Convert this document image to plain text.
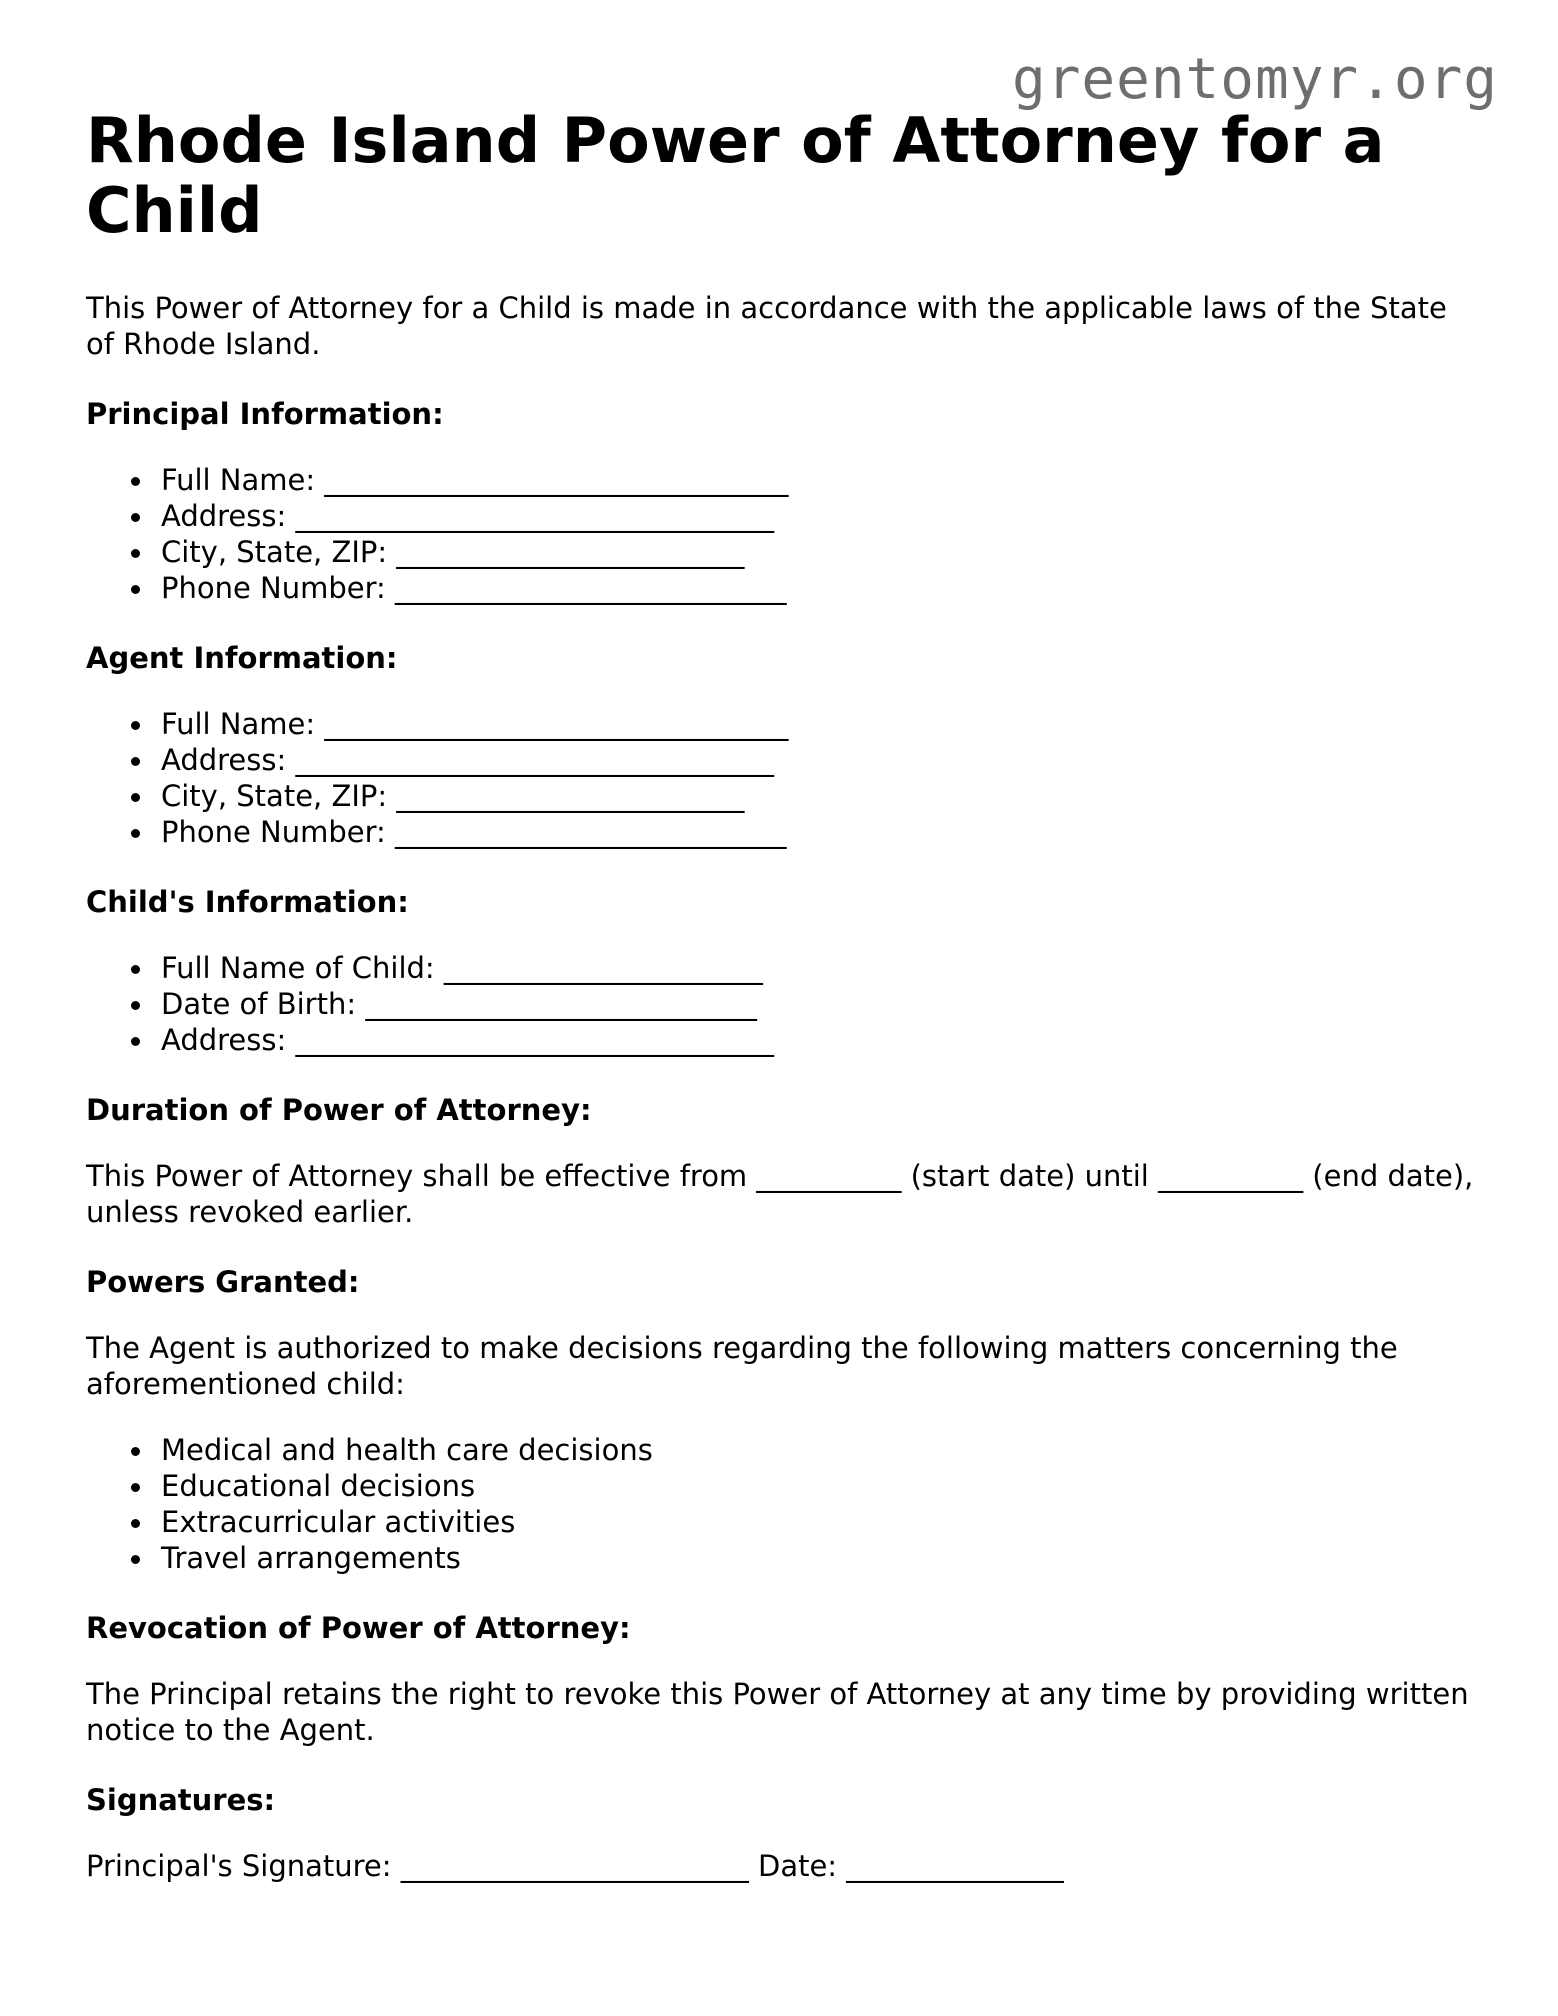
greentomyr.org
Rhode Island Power of Attorney for a Child

This Power of Attorney for a Child is made in accordance with the applicable laws of the State of Rhode Island.

Principal Information:
Full Name: ________________________________
Address: _________________________________
City, State, ZIP: ________________________
Phone Number: ___________________________
Agent Information:
Full Name: ________________________________
Address: _________________________________
City, State, ZIP: ________________________
Phone Number: ___________________________
Child's Information:
Full Name of Child: ______________________
Date of Birth: ___________________________
Address: _________________________________
Duration of Power of Attorney:

This Power of Attorney shall be effective from __________ (start date) until __________ (end date), unless revoked earlier.

Powers Granted:

The Agent is authorized to make decisions regarding the following matters concerning the aforementioned child:

Medical and health care decisions
Educational decisions
Extracurricular activities
Travel arrangements
Revocation of Power of Attorney:

The Principal retains the right to revoke this Power of Attorney at any time by providing written notice to the Agent.

Signatures:
Principal's Signature: ________________________ Date: _______________
